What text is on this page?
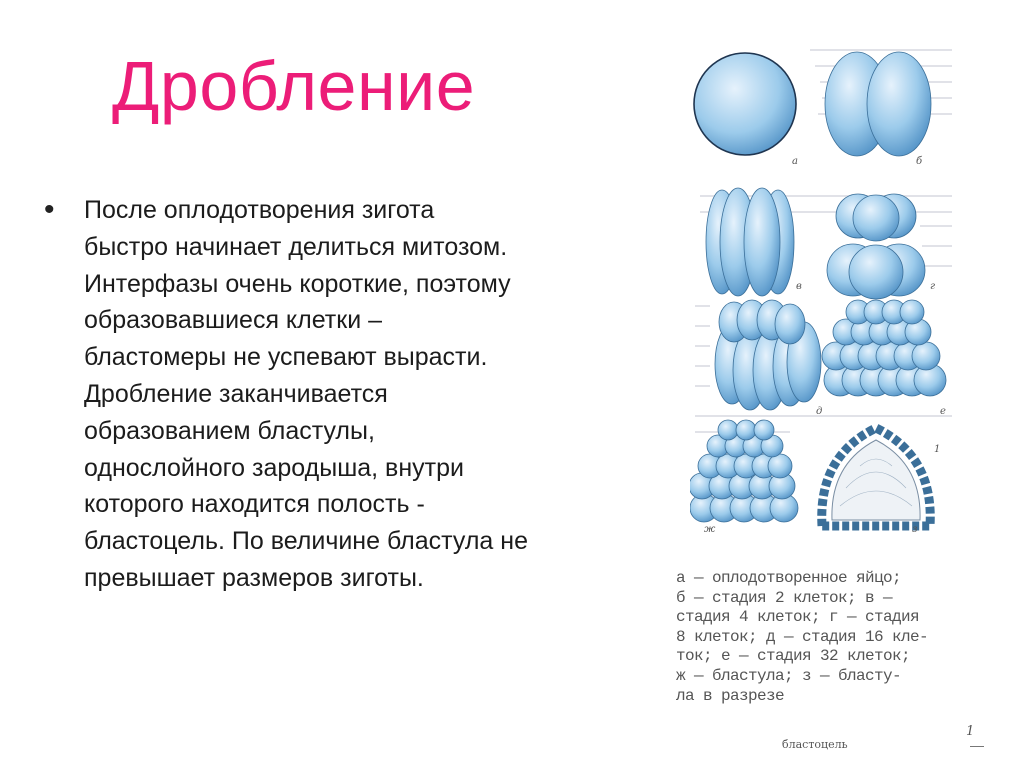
Дробление
• После оплодотворения зигота
быстро начинает делиться митозом.
Интерфазы очень короткие, поэтому
образовавшиеся клетки –
бластомеры не успевают вырасти.
Дробление заканчивается
образованием бластулы,
однослойного зародыша, внутри
которого находится полость -
бластоцель. По величине бластула не
превышает размеров зиготы.

а	б
в	г
д	е
ж	з
1

а — оплодотворенное яйцо;
б — стадия 2 клеток; в —
стадия 4 клеток; г — стадия
8 клеток; д — стадия 16 кле-
ток; е — стадия 32 клеток;
ж — бластула; з — бласту-
ла в разрезе

1
бластоцель
